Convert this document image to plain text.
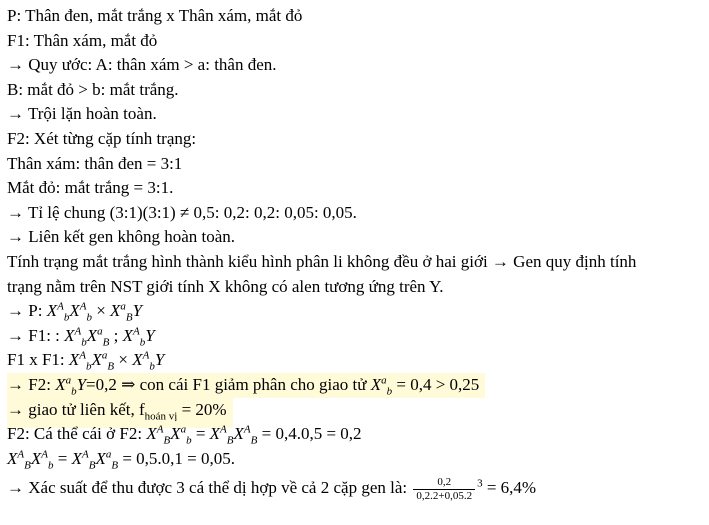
P: Thân đen, mắt trắng x Thân xám, mắt đỏ
F1: Thân xám, mắt đỏ
→ Quy ước: A: thân xám > a: thân đen.
B: mắt đỏ > b: mắt trắng.
→ Trội lặn hoàn toàn.
F2: Xét từng cặp tính trạng:
Thân xám: thân đen = 3:1
Mắt đỏ: mắt trắng = 3:1.
→ Tỉ lệ chung (3:1)(3:1) ≠ 0,5: 0,2: 0,2: 0,05: 0,05.
→ Liên kết gen không hoàn toàn.
Tính trạng mắt trắng hình thành kiểu hình phân li không đều ở hai giới → Gen quy định tính
trạng nằm trên NST giới tính X không có alen tương ứng trên Y.
→ P: $X^A_bX^A_b \times X^a_BY$
→ F1: : $X^A_bX^a_B$ ; $X^A_bY$
F1 x F1: $X^A_bX^a_B \times X^A_bY$
→ F2: $X^a_bY=0,2$ ⇒ con cái F1 giảm phân cho giao tử $X^a_b = 0,4 > 0,25$
→ giao tử liên kết, $f_{hoán vị} = 20\%$
F2: Cá thể cái ở F2: $X^A_BX^a_b = X^A_BX^A_B = 0,4.0,5 = 0,2$
$X^A_BX^A_b = X^A_BX^a_B = 0,5.0,1 = 0,05$.
→ Xác suất để thu được 3 cá thể dị hợp về cả 2 cặp gen là: $\frac{0,2}{0,2.2+0,05.2} ^3 = 6,4\%$
